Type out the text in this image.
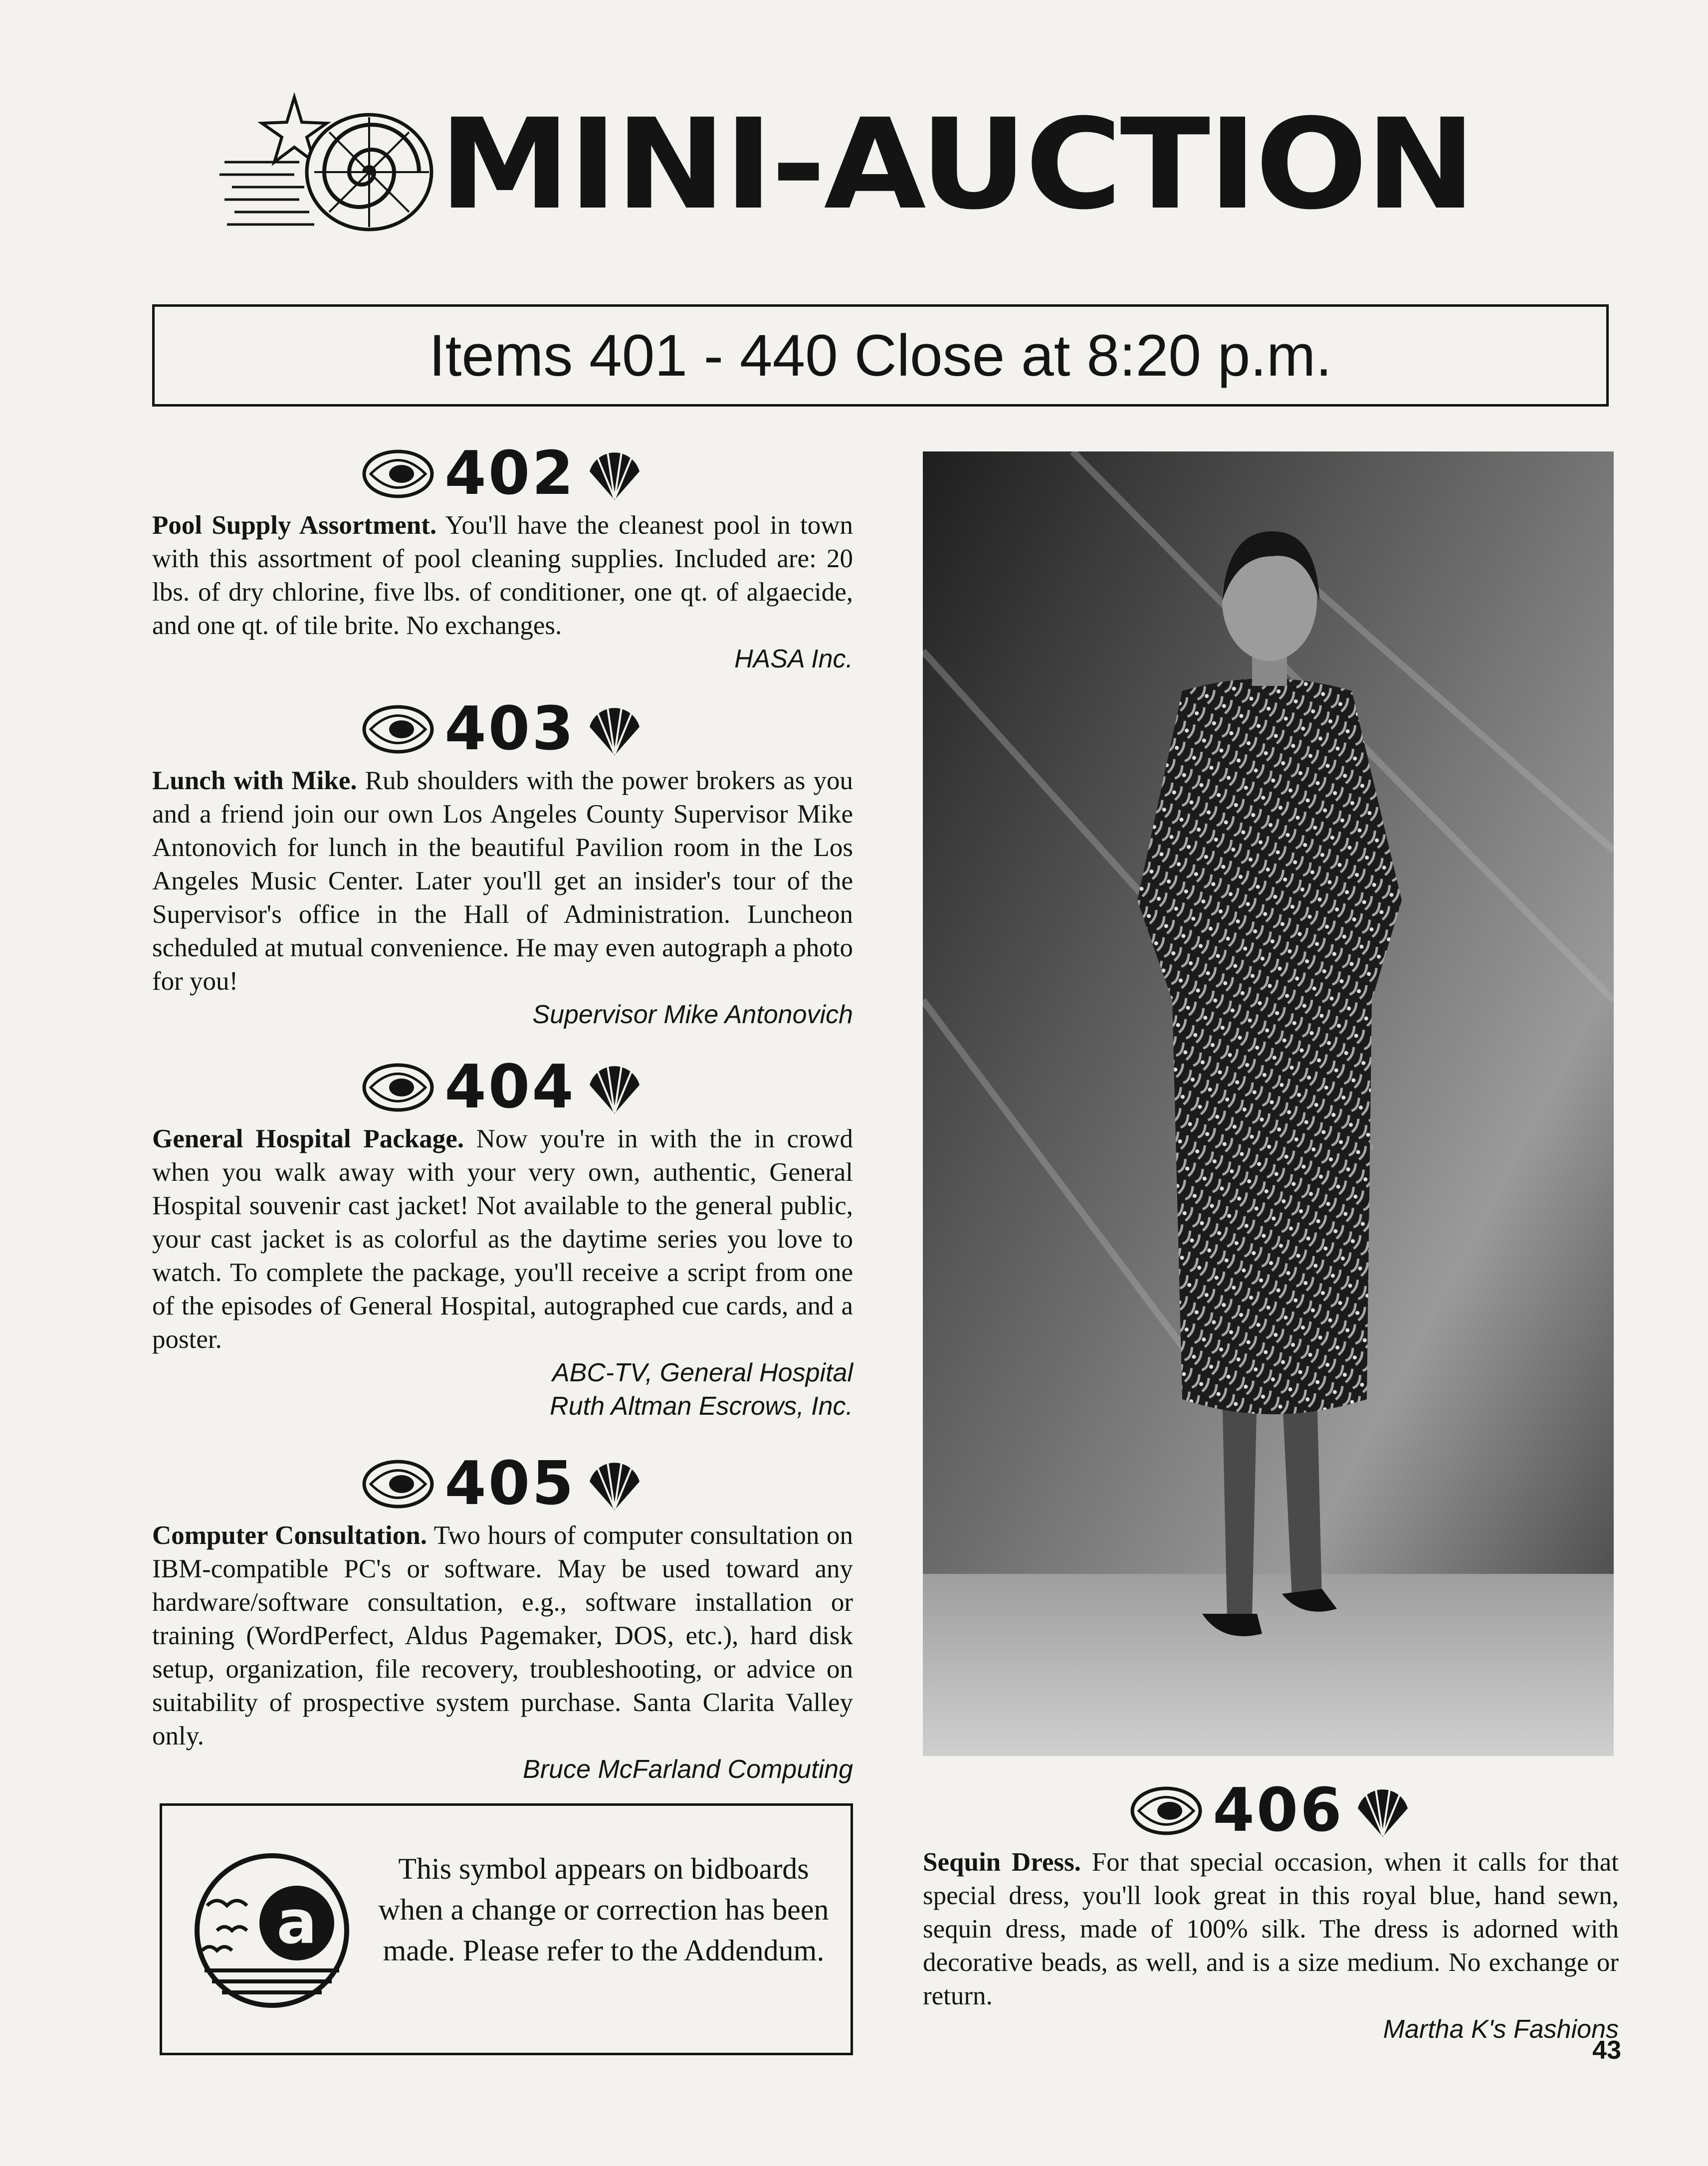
MINI-AUCTION
Items 401 - 440 Close at 8:20 p.m.
402
Pool Supply Assortment. You'll have the cleanest pool in town with this assortment of pool cleaning supplies. Included are: 20 lbs. of dry chlorine, five lbs. of conditioner, one qt. of algaecide, and one qt. of tile brite. No exchanges.
HASA Inc.
403
Lunch with Mike. Rub shoulders with the power brokers as you and a friend join our own Los Angeles County Supervisor Mike Antonovich for lunch in the beautiful Pavilion room in the Los Angeles Music Center. Later you'll get an insider's tour of the Supervisor's office in the Hall of Administration. Luncheon scheduled at mutual convenience. He may even autograph a photo for you!
Supervisor Mike Antonovich
404
General Hospital Package. Now you're in with the in crowd when you walk away with your very own, authentic, General Hospital souvenir cast jacket! Not available to the general public, your cast jacket is as colorful as the daytime series you love to watch. To complete the package, you'll receive a script from one of the episodes of General Hospital, autographed cue cards, and a poster.
ABC-TV, General Hospital
Ruth Altman Escrows, Inc.
405
Computer Consultation. Two hours of computer consultation on IBM-compatible PC's or software. May be used toward any hardware/software consultation, e.g., software installation or training (WordPerfect, Aldus Pagemaker, DOS, etc.), hard disk setup, organization, file recovery, troubleshooting, or advice on suitability of prospective system purchase. Santa Clarita Valley only.
Bruce McFarland Computing
a
This symbol appears on bidboards when a change or correction has been made. Please refer to the Addendum.
406
Sequin Dress. For that special occasion, when it calls for that special dress, you'll look great in this royal blue, hand sewn, sequin dress, made of 100% silk. The dress is adorned with decorative beads, as well, and is a size medium. No exchange or return.
Martha K's Fashions
43
